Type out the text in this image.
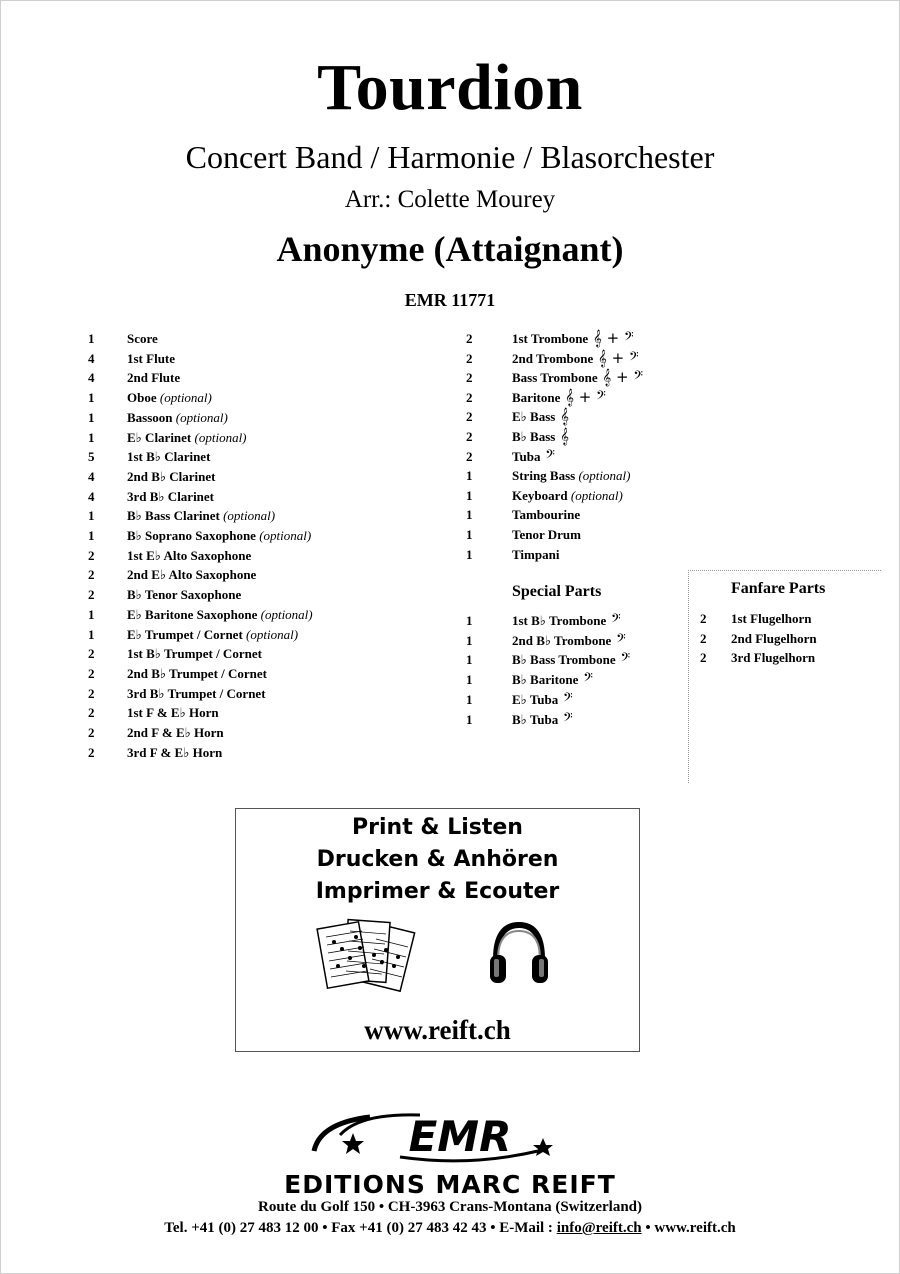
Tourdion
Concert Band / Harmonie / Blasorchester
Arr.: Colette Mourey
Anonyme (Attaignant)
EMR 11771
1	Score
4	1st Flute
4	2nd Flute
1	Oboe (optional)
1	Bassoon (optional)
1	E♭ Clarinet (optional)
5	1st B♭ Clarinet
4	2nd B♭ Clarinet
4	3rd B♭ Clarinet
1	B♭ Bass Clarinet (optional)
1	B♭ Soprano Saxophone (optional)
2	1st E♭ Alto Saxophone
2	2nd E♭ Alto Saxophone
2	B♭ Tenor Saxophone
1	E♭ Baritone Saxophone (optional)
1	E♭ Trumpet / Cornet (optional)
2	1st B♭ Trumpet / Cornet
2	2nd B♭ Trumpet / Cornet
2	3rd B♭ Trumpet / Cornet
2	1st F & E♭ Horn
2	2nd F & E♭ Horn
2	3rd F & E♭ Horn
2	1st Trombone 𝄞 + 𝄢
2	2nd Trombone 𝄞 + 𝄢
2	Bass Trombone 𝄞 + 𝄢
2	Baritone 𝄞 + 𝄢
2	E♭ Bass 𝄞
2	B♭ Bass 𝄞
2	Tuba 𝄢
1	String Bass (optional)
1	Keyboard (optional)
1	Tambourine
1	Tenor Drum
1	Timpani
Special Parts
1	1st B♭ Trombone 𝄢
1	2nd B♭ Trombone 𝄢
1	B♭ Bass Trombone 𝄢
1	B♭ Baritone 𝄢
1	E♭ Tuba 𝄢
1	B♭ Tuba 𝄢
Fanfare Parts
2	1st Flugelhorn
2	2nd Flugelhorn
2	3rd Flugelhorn
Print & Listen
Drucken & Anhören
Imprimer & Ecouter
www.reift.ch
EMR
EDITIONS MARC REIFT
Route du Golf 150 • CH-3963 Crans-Montana (Switzerland)
Tel. +41 (0) 27 483 12 00 • Fax +41 (0) 27 483 42 43 • E-Mail : info@reift.ch • www.reift.ch
